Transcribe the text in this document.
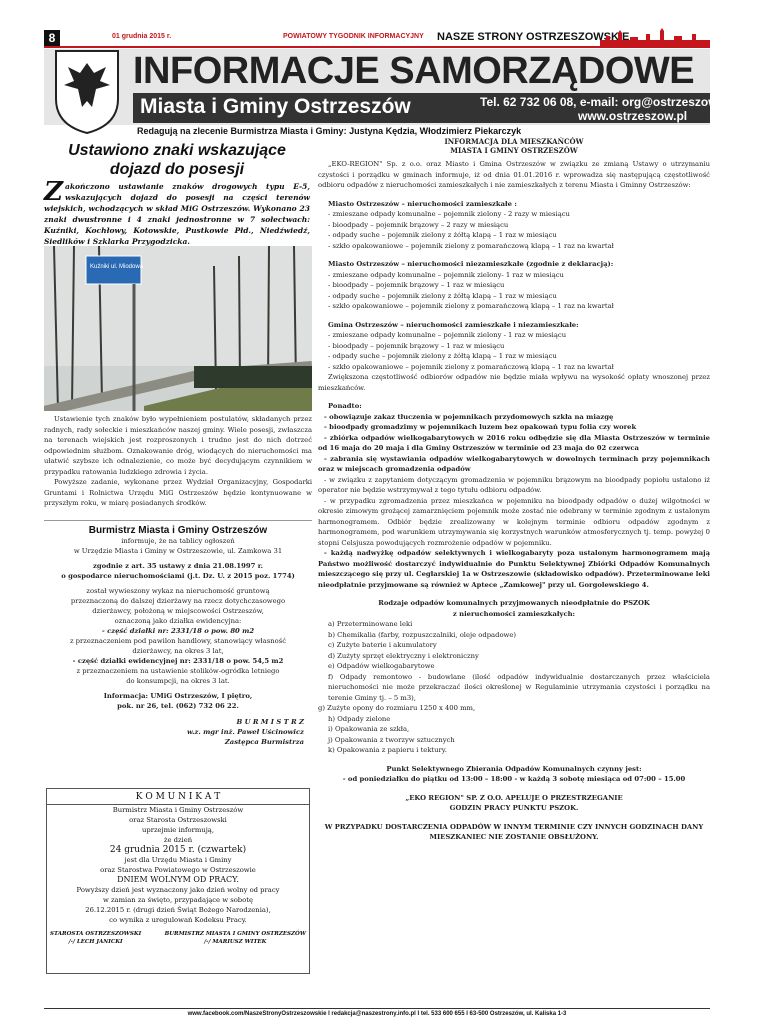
8	01 grudnia 2015 r.	POWIATOWY TYGODNIK INFORMACYJNY NASZE STRONY OSTRZESZOWSKIE
INFORMACJE SAMORZĄDOWE
Miasta i Gminy Ostrzeszów	Tel. 62 732 06 08, e-mail: org@ostrzeszow.pl
www.ostrzeszow.pl
Redagują na zlecenie Burmistrza Miasta i Gminy: Justyna Kędzia, Włodzimierz Piekarczyk
Ustawiono znaki wskazujące dojazd do posesji
Zakończono ustawianie znaków drogowych typu E-5, wskazujących dojazd do posesji na części terenów wiejskich, wchodzących w skład MiG Ostrzeszów. Wykonano 23 znaki dwustronne i 4 znaki jednostronne w 7 sołectwach: Kuźniki, Kochłowy, Kotowskie, Pustkowie Płd., Niedźwiedź, Siedlików i Szklarka Przygodzicka.
Kuźniki ul. Miodowa

Ustawienie tych znaków było wypełnieniem postulatów, składanych przez radnych, rady sołeckie i mieszkańców naszej gminy. Wiele posesji, zwłaszcza na terenach wiejskich jest rozproszonych i trudno jest do nich dotrzeć odpowiednim służbom. Oznakowanie dróg, wiodących do nieruchomości ma ułatwić szybsze ich odnalezienie, co może być decydującym czynnikiem w przypadku ratowania ludzkiego zdrowia i życia.

Powyższe zadanie, wykonane przez Wydział Organizacyjny, Gospodarki Gruntami i Rolnictwa Urzędu MiG Ostrzeszów będzie kontynuowane w przyszłym roku, w miarę posiadanych środków.

Burmistrz Miasta i Gminy Ostrzeszów

informuje, że na tablicy ogłoszeń

w Urzędzie Miasta i Gminy w Ostrzeszowie, ul. Zamkowa 31

zgodnie z art. 35 ustawy z dnia 21.08.1997 r.

o gospodarce nieruchomościami (j.t. Dz. U. z 2015 poz. 1774)

został wywieszony wykaz na nieruchomość gruntową

przeznaczoną do dalszej dzierżawy na rzecz dotychczasowego

dzierżawcy, położoną w miejscowości Ostrzeszów,

oznaczoną jako działka ewidencyjna:

- część działki nr: 2331/18 o pow. 80 m2

z przeznaczeniem pod pawilon handlowy, stanowiący własność

dzierżawcy, na okres 3 lat,

- część działki ewidencyjnej nr: 2331/18 o pow. 54,5 m2

z przeznaczeniem na ustawienie stolików-ogródka letniego

do konsumpcji, na okres 3 lat.

Informacja: UMiG Ostrzeszów, I piętro,

pok. nr 26, tel. (062) 732 06 22.

B U R M I S T R Z

w.z. mgr inż. Paweł Uścinowicz

Zastępca Burmistrza

K O M U N I K A T

Burmistrz Miasta i Gminy Ostrzeszów

oraz Starosta Ostrzeszowski

uprzejmie informują,

że dzień

24 grudnia 2015 r. (czwartek)

jest dla Urzędu Miasta i Gminy

oraz Starostwa Powiatowego w Ostrzeszowie

DNIEM WOLNYM OD PRACY.

Powyższy dzień jest wyznaczony jako dzień wolny od pracy

w zamian za święto, przypadające w sobotę

26.12.2015 r. (drugi dzień Świąt Bożego Narodzenia),

co wynika z uregulowań Kodeksu Pracy.

STAROSTA OSTRZESZOWSKI
/-/ LECH JANICKI
BURMISTRZ MIASTA I GMINY OSTRZESZÓW
/-/ MARIUSZ WITEK
INFORMACJA DLA MIESZKAŃCÓW
MIASTA I GMINY OSTRZESZÓW

„EKO-REGION" Sp. z o.o. oraz Miasto i Gmina Ostrzeszów w związku ze zmianą Ustawy o utrzymaniu czystości i porządku w gminach informuje, iż od dnia 01.01.2016 r. wprowadza się następującą częstotliwość odbioru odpadów z nieruchomości zamieszkałych i nie zamieszkałych z terenu Miasta i Gminny Ostrzeszów:

Miasto Ostrzeszów – nieruchomości zamieszkałe :

- zmieszane odpady komunalne – pojemnik zielony - 2 razy w miesiącu

- bioodpady – pojemnik brązowy – 2 razy w miesiącu

- odpady suche – pojemnik zielony z żółtą klapą – 1 raz w miesiącu

- szkło opakowaniowe – pojemnik zielony z pomarańczową klapą – 1 raz na kwartał

Miasto Ostrzeszów – nieruchomości niezamieszkałe (zgodnie z deklaracją):

- zmieszane odpady komunalne – pojemnik zielony- 1 raz w miesiącu

- bioodpady – pojemnik brązowy – 1 raz w miesiącu

- odpady suche – pojemnik zielony z żółtą klapą – 1 raz w miesiącu

- szkło opakowaniowe – pojemnik zielony z pomarańczową klapą – 1 raz na kwartał

Gmina Ostrzeszów – nieruchomości zamieszkałe i niezamieszkałe:

- zmieszane odpady komunalne – pojemnik zielony - 1 raz w miesiącu

- bioodpady – pojemnik brązowy – 1 raz w miesiącu

- odpady suche – pojemnik zielony z żółtą klapą – 1 raz w miesiącu

- szkło opakowaniowe – pojemnik zielony z pomarańczową klapą – 1 raz na kwartał

Zwiększona częstotliwość odbiorów odpadów nie będzie miała wpływu na wysokość opłaty wnoszonej przez mieszkańców.

Ponadto:

- obowiązuje zakaz tłuczenia w pojemnikach przydomowych szkła na miazgę

- bioodpady gromadzimy w pojemnikach luzem bez opakowań typu folia czy worek

- zbiórka odpadów wielkogabarytowych w 2016 roku odbędzie się dla Miasta Ostrzeszów w terminie od 16 maja do 20 maja i dla Gminy Ostrzeszów w terminie od 23 maja do 02 czerwca

- zabrania się wystawiania odpadów wielkogabarytowych w dowolnych terminach przy pojemnikach oraz w miejscach gromadzenia odpadów

- w związku z zapytaniem dotyczącym gromadzenia w pojemniku brązowym na bioodpady popiołu ustalono iż operator nie będzie wstrzymywał z tego tytułu odbioru odpadów.

- w przypadku zgromadzenia przez mieszkańca w pojemniku na bioodpady odpadów o dużej wilgotności w okresie zimowym grożącej zamarznięciem pojemnik może zostać nie odebrany w terminie zgodnym z ustalonym harmonogramem. Odbiór będzie zrealizowany w kolejnym terminie odbioru odpadów zgodnym z harmonogramem, pod warunkiem utrzymywania się korzystnych warunków atmosferycznych tj. temp. powyżej 0 stopni Celsjusza powodujących rozmrożenie odpadów w pojemniku.

- każdą nadwyżkę odpadów selektywnych i wielkogabaryty poza ustalonym harmonogramem mają Państwo możliwość dostarczyć indywidualnie do Punktu Selektywnej Zbiórki Odpadów Komunalnych mieszczącego się przy ul. Cegłarskiej 1a w Ostrzeszowie (składowisko odpadów). Przeterminowane leki nieodpłatnie przyjmowane są również w Aptece „Zamkowej" przy ul. Gorgolewskiego 4.

Rodzaje odpadów komunalnych przyjmowanych nieodpłatnie do PSZOK

z nieruchomości zamieszkałych:

a) Przeterminowane leki

b) Chemikalia (farby, rozpuszczalniki, oleje odpadowe)

c) Zużyte baterie i akumulatory

d) Zużyty sprzęt elektryczny i elektroniczny

e) Odpadów wielkogabarytowe

f) Odpady remontowo - budowlane (ilość odpadów indywidualnie dostarczanych przez właściciela nieruchomości nie może przekraczać ilości określonej w Regulaminie utrzymania czystości i porządku na terenie Gminy tj. – 5 m3),

g) Zużyte opony do rozmiaru 1250 x 400 mm,

h) Odpady zielone

i) Opakowania ze szkła,

j) Opakowania z tworzyw sztucznych

k) Opakowania z papieru i tektury.

Punkt Selektywnego Zbierania Odpadów Komunalnych czynny jest:

- od poniedziałku do piątku od 13:00 – 18:00 - w każdą 3 sobotę miesiąca od 07:00 – 15.00

„EKO REGION" SP. Z O.O. APELUJE O PRZESTRZEGANIE

GODZIN PRACY PUNKTU PSZOK.

W PRZYPADKU DOSTARCZENIA ODPADÓW W INNYM TERMINIE CZY INNYCH GODZINACH DANY

MIESZKANIEC NIE ZOSTANIE OBSŁUŻONY.

www.facebook.com/NaszeStronyOstrzeszowskie I redakcja@naszestrony.info.pl I tel. 533 600 655 I 63-500 Ostrzeszów, ul. Kaliska 1-3
